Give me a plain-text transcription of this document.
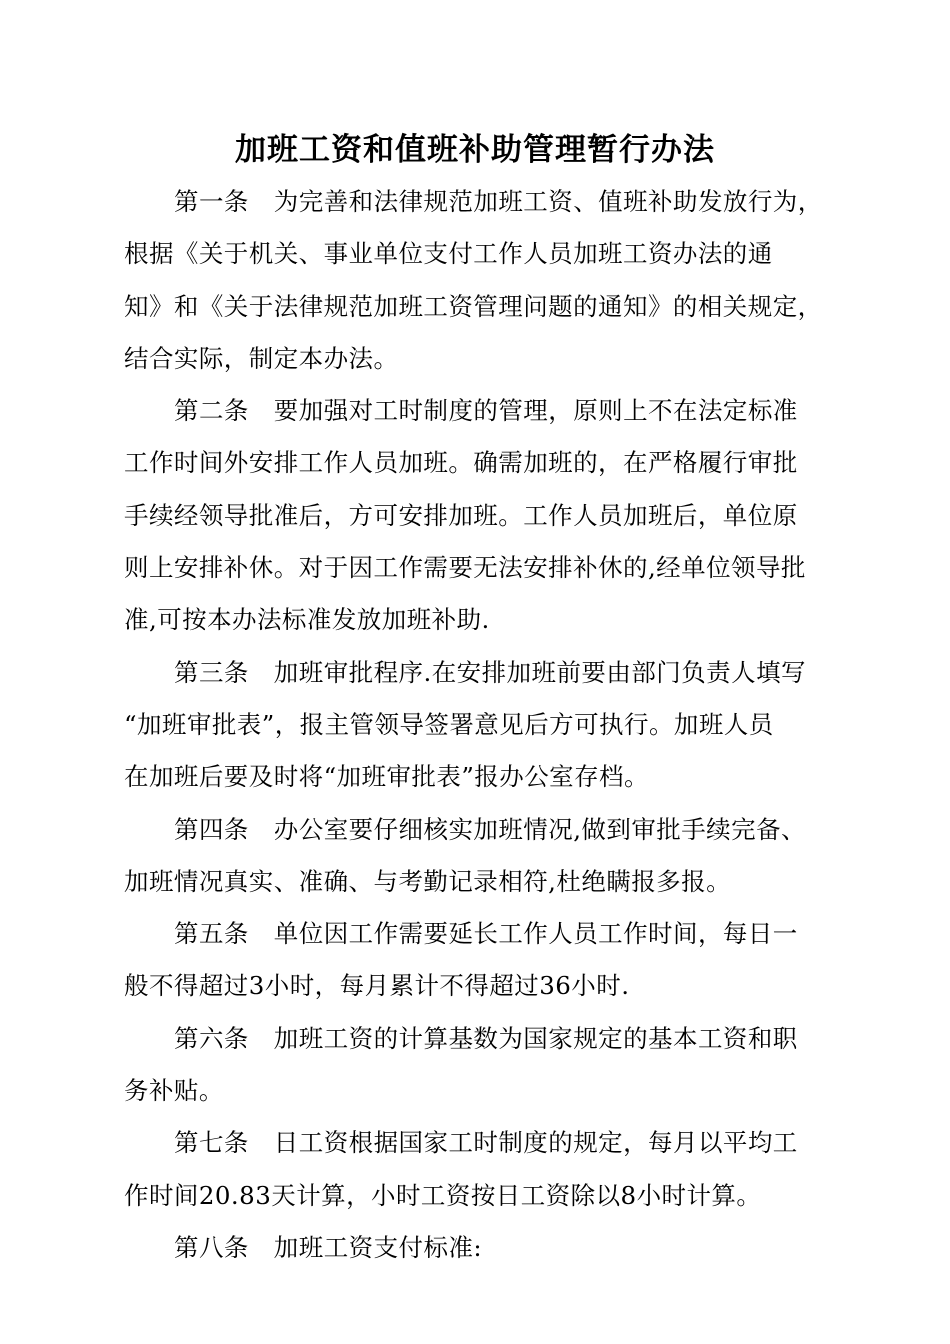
加班工资和值班补助管理暂行办法
第一条　为完善和法律规范加班工资、值班补助发放行为，
根据《关于机关、事业单位支付工作人员加班工资办法的通
知》和《关于法律规范加班工资管理问题的通知》的相关规定，
结合实际，制定本办法。
第二条　要加强对工时制度的管理，原则上不在法定标准
工作时间外安排工作人员加班。确需加班的，在严格履行审批
手续经领导批准后，方可安排加班。工作人员加班后，单位原
则上安排补休。对于因工作需要无法安排补休的,经单位领导批
准,可按本办法标准发放加班补助.
第三条　加班审批程序.在安排加班前要由部门负责人填写
“加班审批表”，报主管领导签署意见后方可执行。加班人员
在加班后要及时将“加班审批表”报办公室存档。
第四条　办公室要仔细核实加班情况,做到审批手续完备、
加班情况真实、准确、与考勤记录相符,杜绝瞒报多报。
第五条　单位因工作需要延长工作人员工作时间，每日一
般不得超过3小时，每月累计不得超过36小时.
第六条　加班工资的计算基数为国家规定的基本工资和职
务补贴。
第七条　日工资根据国家工时制度的规定，每月以平均工
作时间20.83天计算，小时工资按日工资除以8小时计算。
第八条　加班工资支付标准:
